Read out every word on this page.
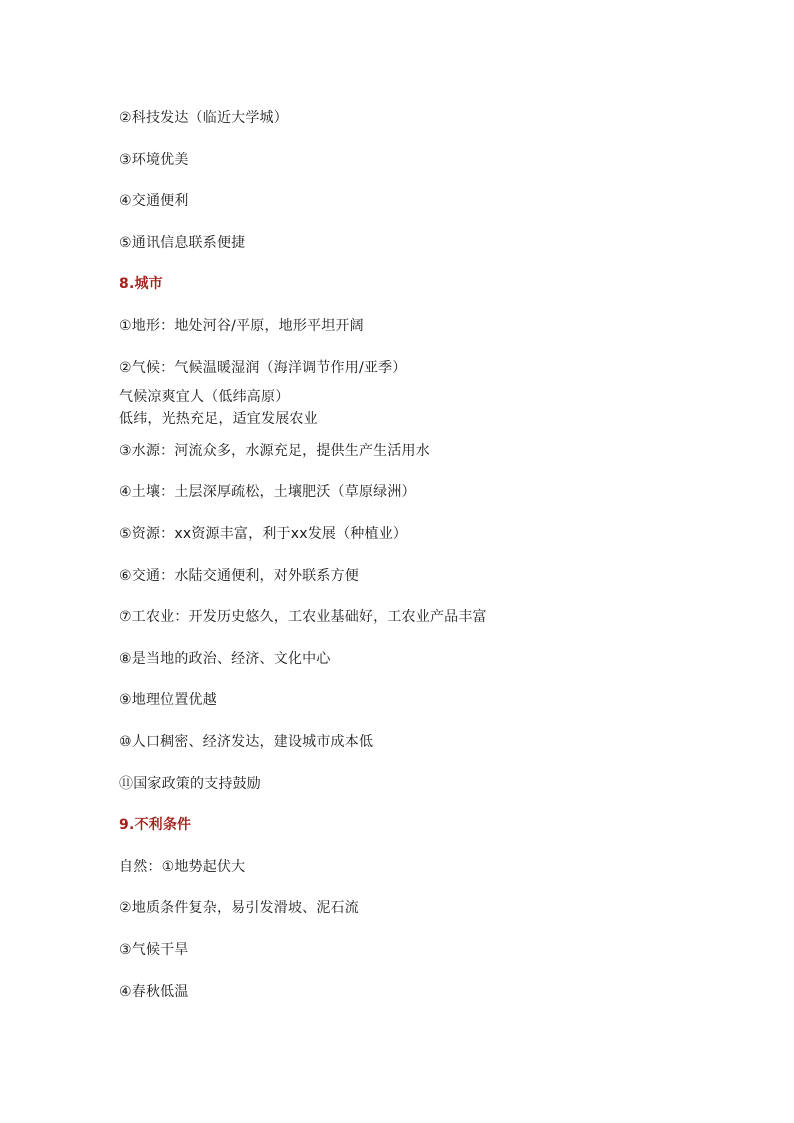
②科技发达（临近大学城）
③环境优美
④交通便利
⑤通讯信息联系便捷
8.城市
①地形：地处河谷/平原，地形平坦开阔
②气候：气候温暖湿润（海洋调节作用/亚季）
气候凉爽宜人（低纬高原）
低纬，光热充足，适宜发展农业
③水源：河流众多，水源充足，提供生产生活用水
④土壤：土层深厚疏松，土壤肥沃（草原绿洲）
⑤资源：xx资源丰富，利于xx发展（种植业）
⑥交通：水陆交通便利，对外联系方便
⑦工农业：开发历史悠久，工农业基础好，工农业产品丰富
⑧是当地的政治、经济、文化中心
⑨地理位置优越
⑩人口稠密、经济发达，建设城市成本低
⑪国家政策的支持鼓励
9.不利条件
自然：①地势起伏大
②地质条件复杂，易引发滑坡、泥石流
③气候干旱
④春秋低温
